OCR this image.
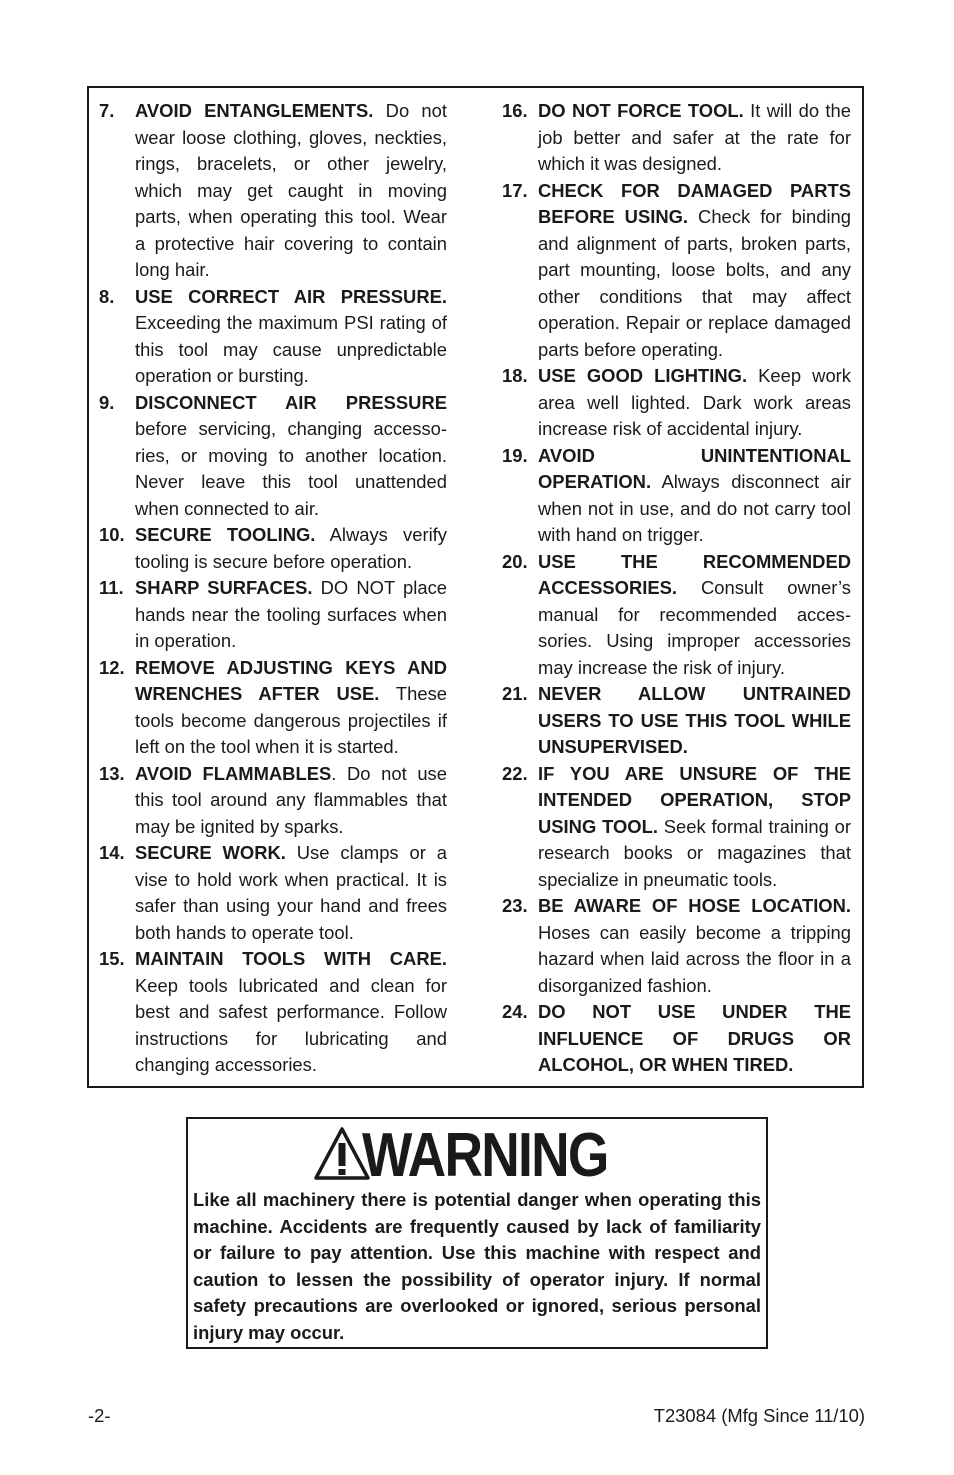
7. AVOID ENTANGLEMENTS. Do not wear loose clothing, gloves, neckties, rings, bracelets, or other jewelry, which may get caught in moving parts, when operating this tool. Wear a protective hair covering to contain long hair.
8. USE CORRECT AIR PRESSURE. Exceeding the maximum PSI rating of this tool may cause unpredictable operation or bursting.
9. DISCONNECT AIR PRESSURE before servicing, changing accessories, or moving to another location. Never leave this tool unattended when connected to air.
10. SECURE TOOLING. Always verify tooling is secure before operation.
11. SHARP SURFACES. DO NOT place hands near the tooling surfaces when in operation.
12. REMOVE ADJUSTING KEYS AND WRENCHES AFTER USE. These tools become dangerous projectiles if left on the tool when it is started.
13. AVOID FLAMMABLES. Do not use this tool around any flammables that may be ignited by sparks.
14. SECURE WORK. Use clamps or a vise to hold work when practical. It is safer than using your hand and frees both hands to operate tool.
15. MAINTAIN TOOLS WITH CARE. Keep tools lubricated and clean for best and safest performance. Follow instructions for lubricating and changing accessories.
16. DO NOT FORCE TOOL. It will do the job better and safer at the rate for which it was designed.
17. CHECK FOR DAMAGED PARTS BEFORE USING. Check for binding and alignment of parts, broken parts, part mounting, loose bolts, and any other conditions that may affect operation. Repair or replace damaged parts before operating.
18. USE GOOD LIGHTING. Keep work area well lighted. Dark work areas increase risk of accidental injury.
19. AVOID UNINTENTIONAL OPERATION. Always disconnect air when not in use, and do not carry tool with hand on trigger.
20. USE THE RECOMMENDED ACCESSORIES. Consult owner’s manual for recommended accessories. Using improper accessories may increase the risk of injury.
21. NEVER ALLOW UNTRAINED USERS TO USE THIS TOOL WHILE UNSUPERVISED.
22. IF YOU ARE UNSURE OF THE INTENDED OPERATION, STOP USING TOOL. Seek formal training or research books or magazines that specialize in pneumatic tools.
23. BE AWARE OF HOSE LOCATION. Hoses can easily become a tripping hazard when laid across the floor in a disorganized fashion.
24. DO NOT USE UNDER THE INFLUENCE OF DRUGS OR ALCOHOL, OR WHEN TIRED.
WARNING
Like all machinery there is potential danger when operating this machine. Accidents are frequently caused by lack of familiarity or failure to pay attention. Use this machine with respect and caution to lessen the possibility of operator injury. If normal safety precautions are overlooked or ignored, serious personal injury may occur.
-2-	T23084 (Mfg Since 11/10)
